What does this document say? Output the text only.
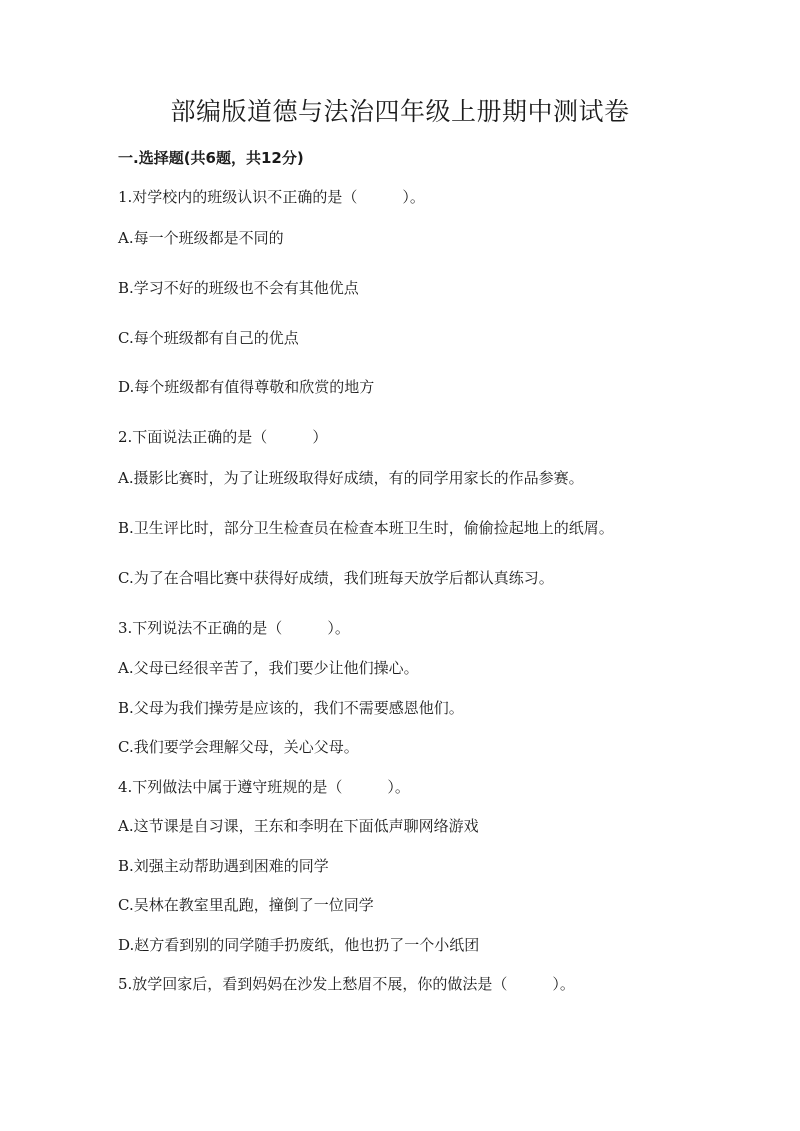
部编版道德与法治四年级上册期中测试卷
一.选择题(共6题，共12分)
1.对学校内的班级认识不正确的是（　　　）。
A.每一个班级都是不同的
B.学习不好的班级也不会有其他优点
C.每个班级都有自己的优点
D.每个班级都有值得尊敬和欣赏的地方
2.下面说法正确的是（　　　）
A.摄影比赛时，为了让班级取得好成绩，有的同学用家长的作品参赛。
B.卫生评比时，部分卫生检查员在检查本班卫生时，偷偷捡起地上的纸屑。
C.为了在合唱比赛中获得好成绩，我们班每天放学后都认真练习。
3.下列说法不正确的是（　　　）。
A.父母已经很辛苦了，我们要少让他们操心。
B.父母为我们操劳是应该的，我们不需要感恩他们。
C.我们要学会理解父母，关心父母。
4.下列做法中属于遵守班规的是（　　　）。
A.这节课是自习课，王东和李明在下面低声聊网络游戏
B.刘强主动帮助遇到困难的同学
C.吴林在教室里乱跑，撞倒了一位同学
D.赵方看到别的同学随手扔废纸，他也扔了一个小纸团
5.放学回家后，看到妈妈在沙发上愁眉不展，你的做法是（　　　）。
